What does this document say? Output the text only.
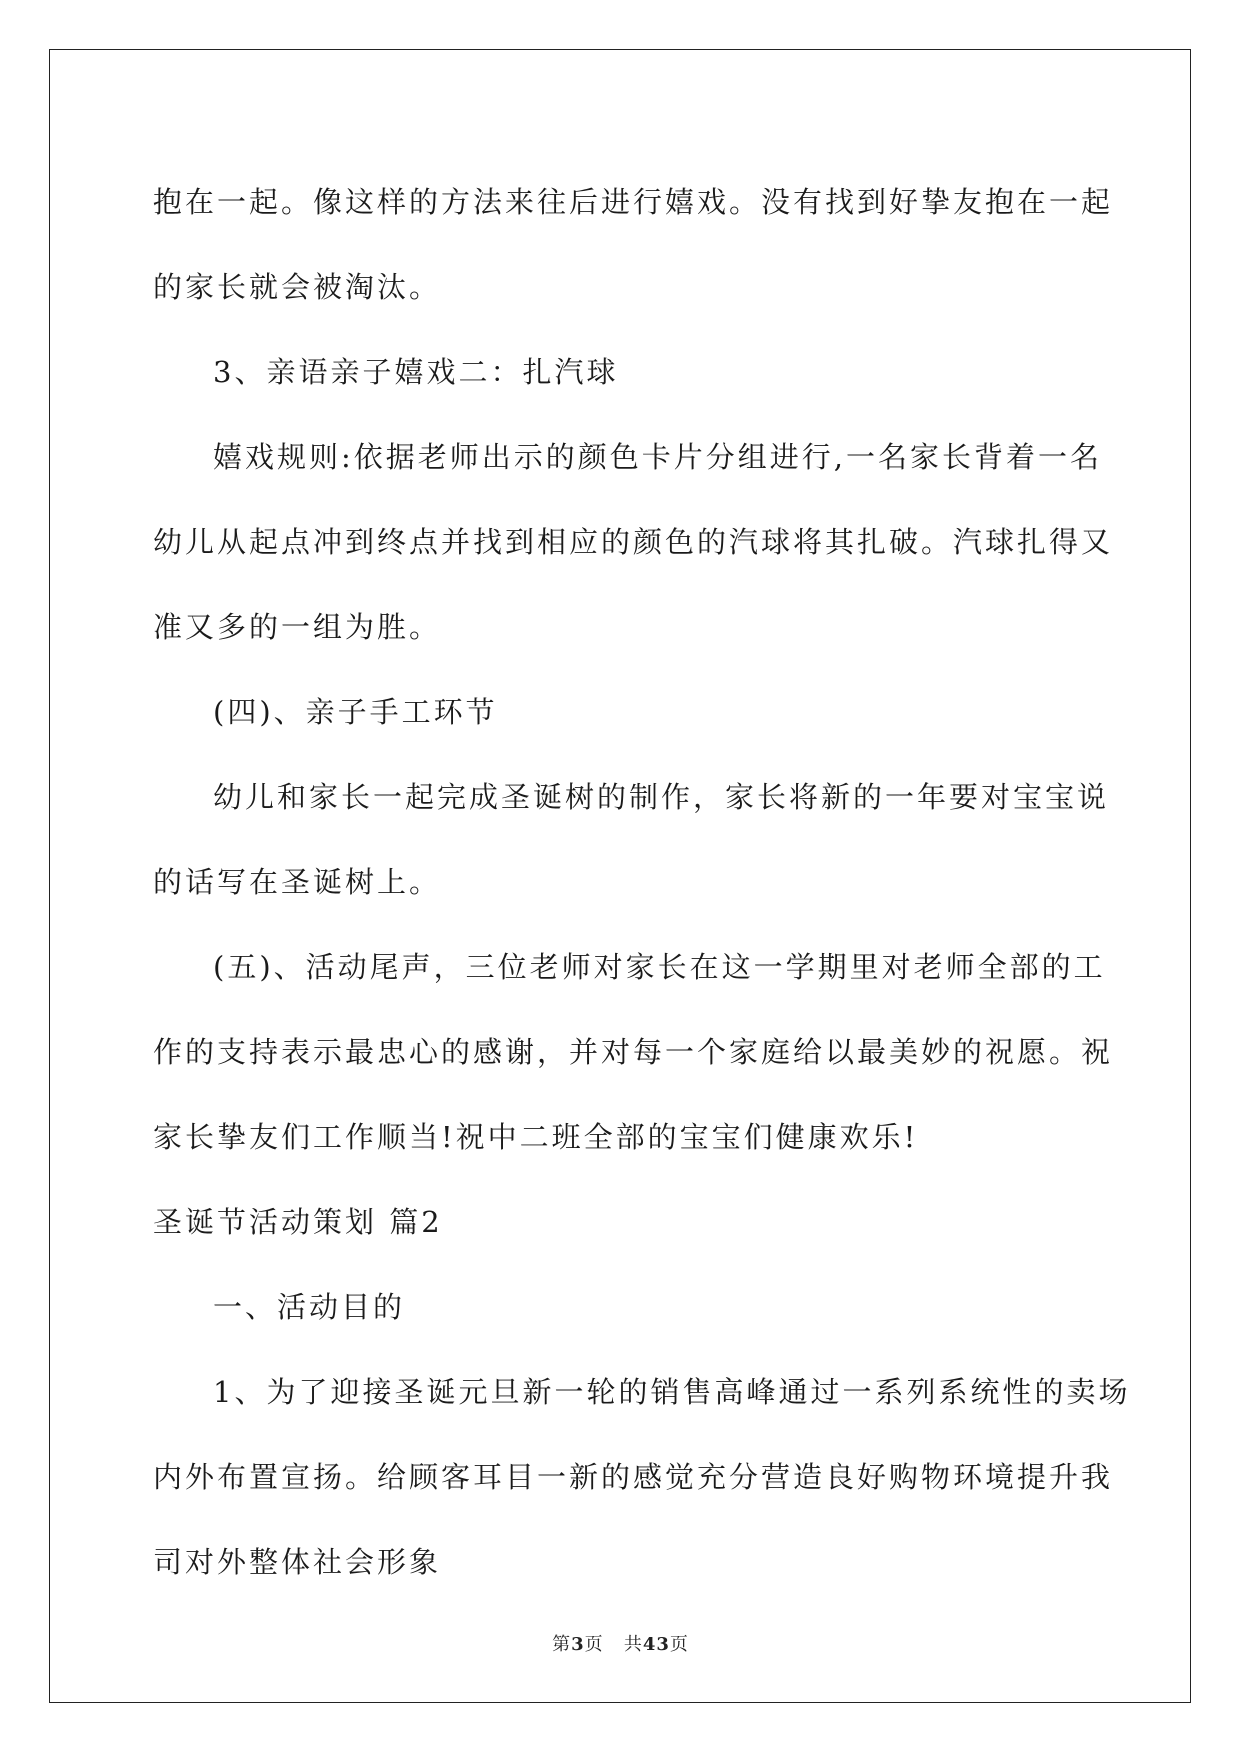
抱在一起。像这样的方法来往后进行嬉戏。没有找到好挚友抱在一起
的家长就会被淘汰。
3、亲语亲子嬉戏二：扎汽球
嬉戏规则:依据老师出示的颜色卡片分组进行,一名家长背着一名
幼儿从起点冲到终点并找到相应的颜色的汽球将其扎破。汽球扎得又
准又多的一组为胜。
(四)、亲子手工环节
幼儿和家长一起完成圣诞树的制作，家长将新的一年要对宝宝说
的话写在圣诞树上。
(五)、活动尾声，三位老师对家长在这一学期里对老师全部的工
作的支持表示最忠心的感谢，并对每一个家庭给以最美妙的祝愿。祝
家长挚友们工作顺当!祝中二班全部的宝宝们健康欢乐!
圣诞节活动策划 篇2
一、活动目的
1、为了迎接圣诞元旦新一轮的销售高峰通过一系列系统性的卖场
内外布置宣扬。给顾客耳目一新的感觉充分营造良好购物环境提升我
司对外整体社会形象
第3页 共43页
